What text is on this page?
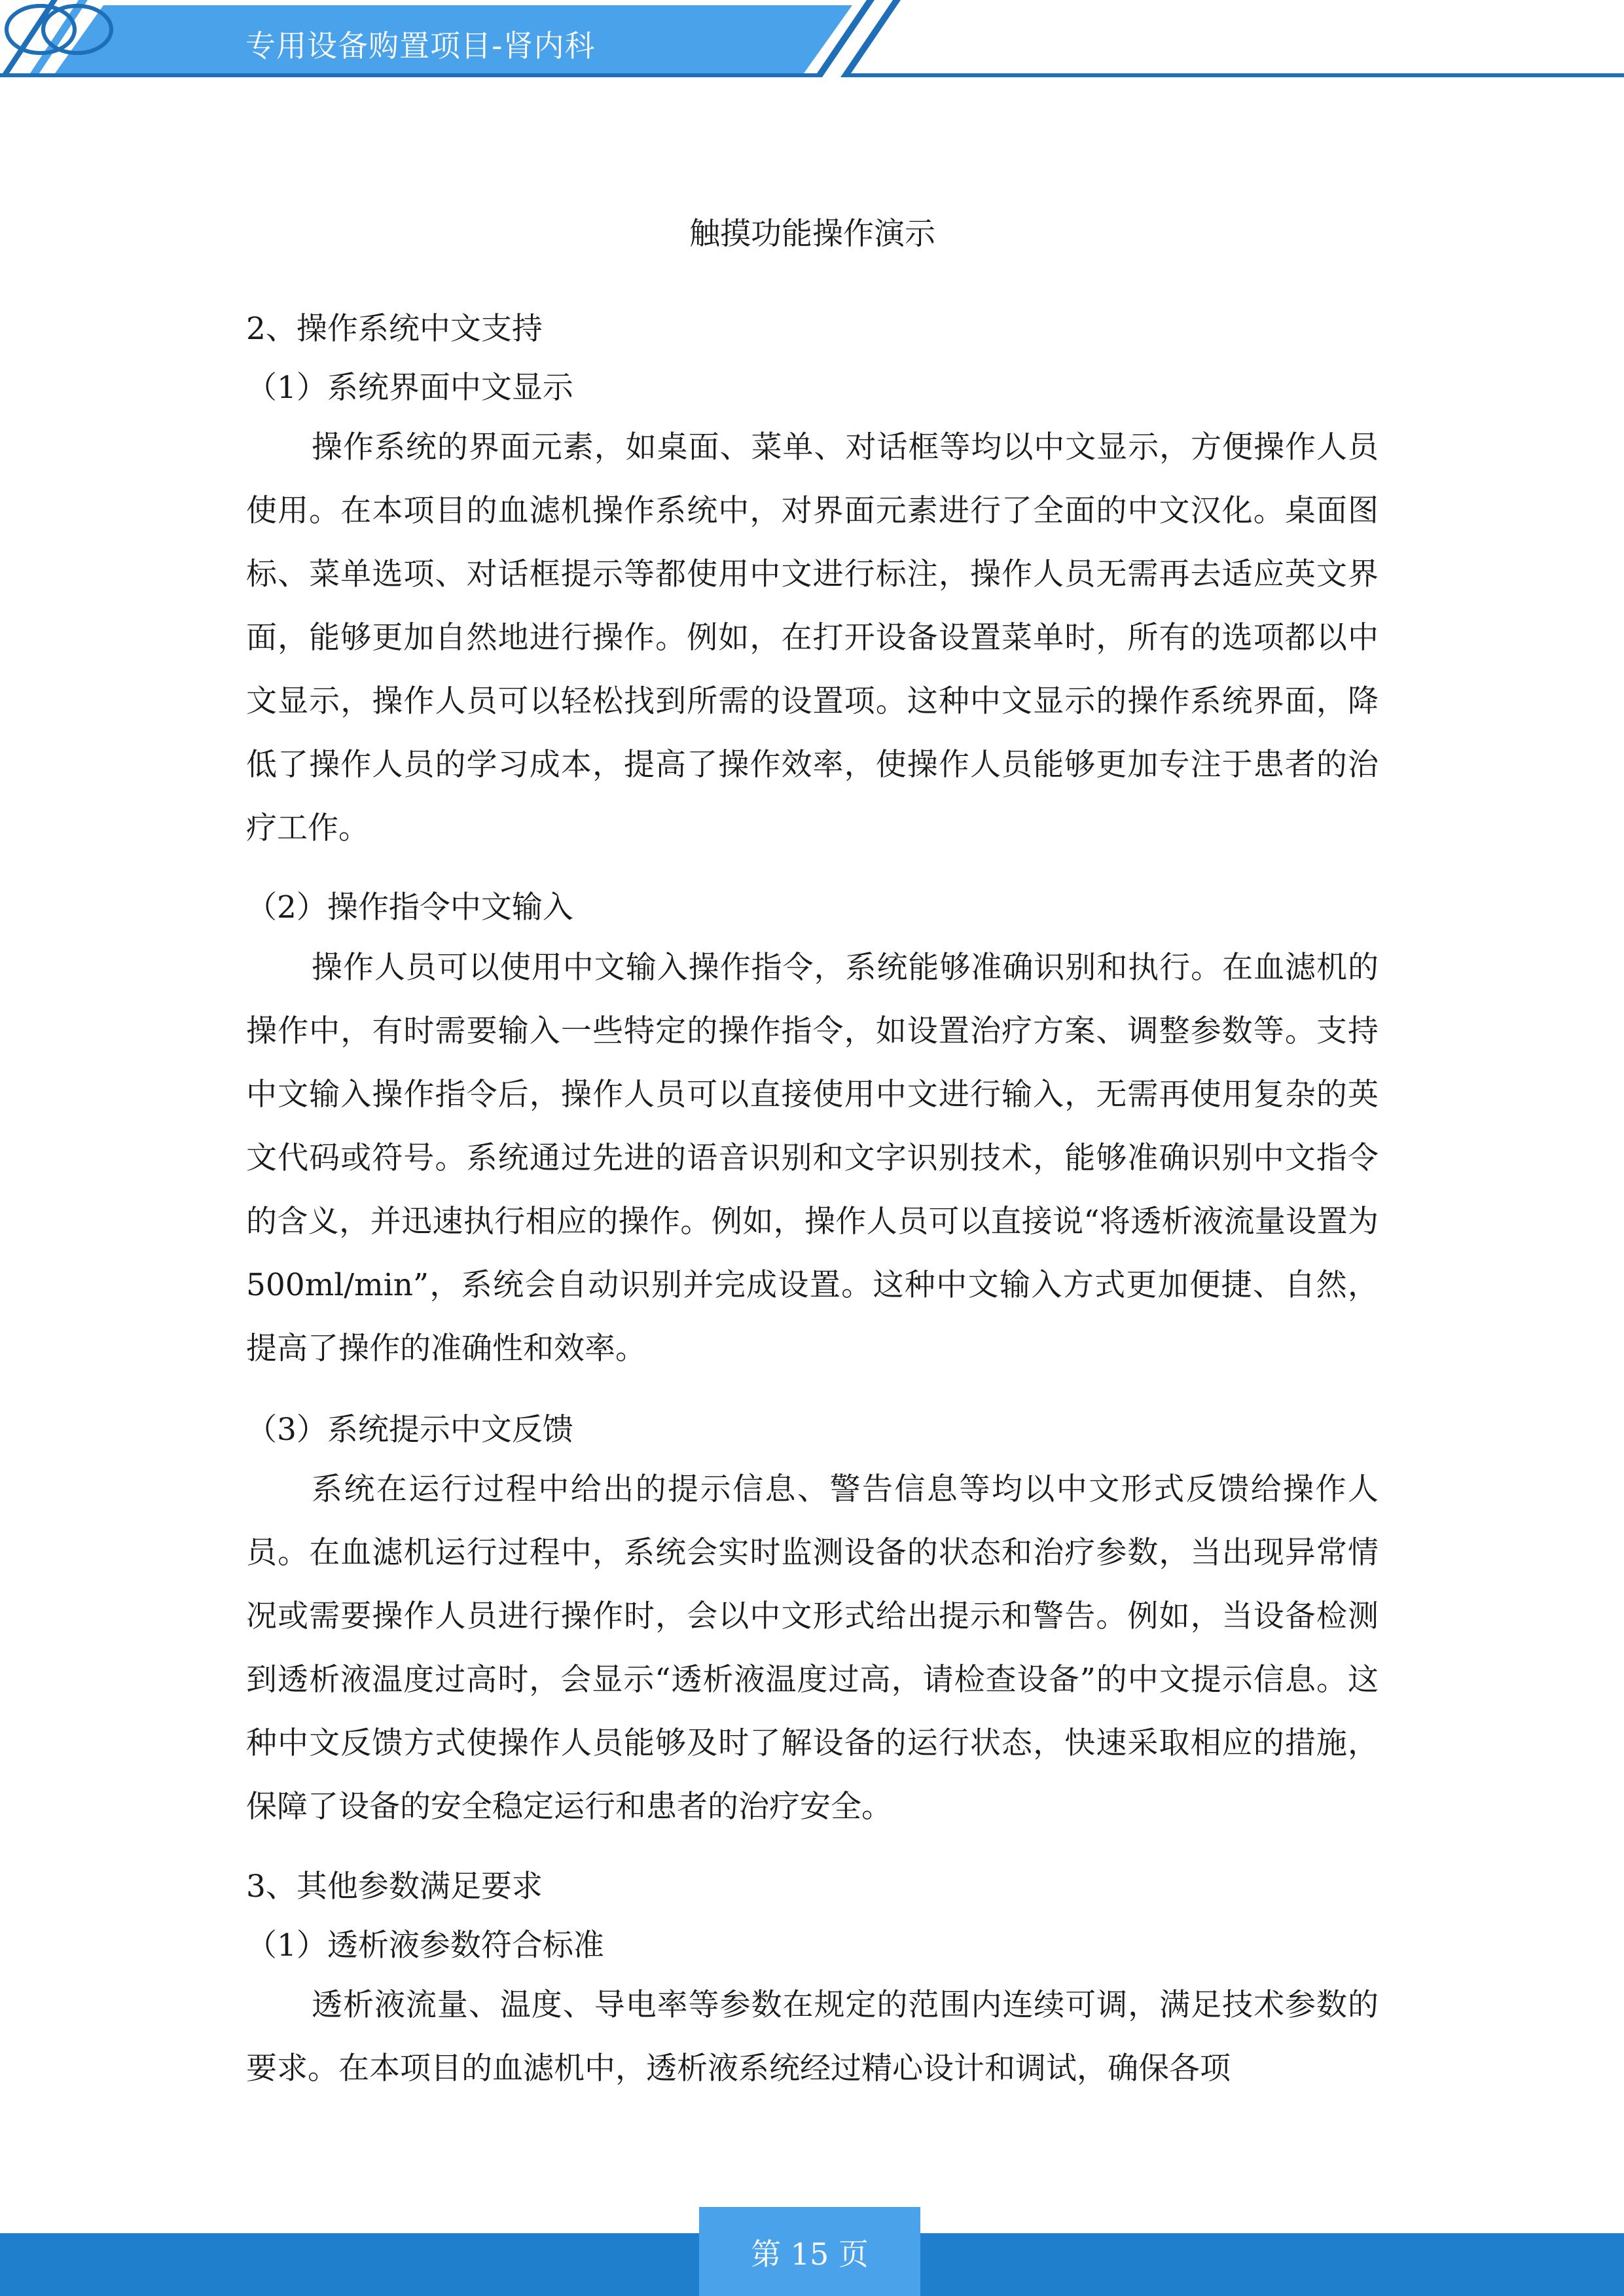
专用设备购置项目-肾内科
触摸功能操作演示
2、操作系统中文支持
（1）系统界面中文显示

操作系统的界面元素，如桌面、菜单、对话框等均以中文显示，方便操作人员使用。在本项目的血滤机操作系统中，对界面元素进行了全面的中文汉化。桌面图标、菜单选项、对话框提示等都使用中文进行标注，操作人员无需再去适应英文界面，能够更加自然地进行操作。例如，在打开设备设置菜单时，所有的选项都以中文显示，操作人员可以轻松找到所需的设置项。这种中文显示的操作系统界面，降低了操作人员的学习成本，提高了操作效率，使操作人员能够更加专注于患者的治疗工作。

（2）操作指令中文输入

操作人员可以使用中文输入操作指令，系统能够准确识别和执行。在血滤机的操作中，有时需要输入一些特定的操作指令，如设置治疗方案、调整参数等。支持中文输入操作指令后，操作人员可以直接使用中文进行输入，无需再使用复杂的英文代码或符号。系统通过先进的语音识别和文字识别技术，能够准确识别中文指令的含义，并迅速执行相应的操作。例如，操作人员可以直接说“将透析液流量设置为500ml/min”，系统会自动识别并完成设置。这种中文输入方式更加便捷、自然，提高了操作的准确性和效率。

（3）系统提示中文反馈

系统在运行过程中给出的提示信息、警告信息等均以中文形式反馈给操作人员。在血滤机运行过程中，系统会实时监测设备的状态和治疗参数，当出现异常情况或需要操作人员进行操作时，会以中文形式给出提示和警告。例如，当设备检测到透析液温度过高时，会显示“透析液温度过高，请检查设备”的中文提示信息。这种中文反馈方式使操作人员能够及时了解设备的运行状态，快速采取相应的措施，保障了设备的安全稳定运行和患者的治疗安全。

3、其他参数满足要求
（1）透析液参数符合标准

透析液流量、温度、导电率等参数在规定的范围内连续可调，满足技术参数的要求。在本项目的血滤机中，透析液系统经过精心设计和调试，确保各项

第 15 页
